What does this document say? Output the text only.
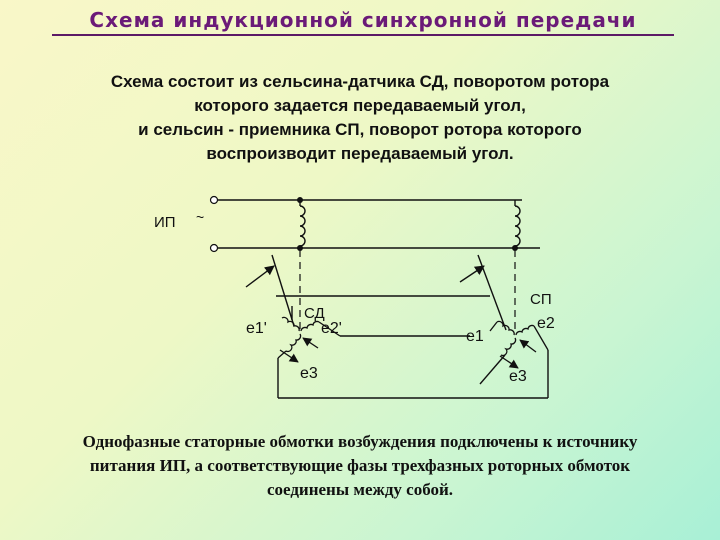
Схема индукционной синхронной передачи
Схема состоит из сельсина-датчика СД, поворотом ротора
которого задается передаваемый угол,
и сельсин - приемника СП, поворот ротора которого
воспроизводит передаваемый угол.
ИП ~
СД
СП
e1'	e2'
e3
e1
e2
e3
Однофазные статорные обмотки возбуждения подключены к источнику
питания ИП, а соответствующие фазы трехфазных роторных обмоток
соединены между собой.
